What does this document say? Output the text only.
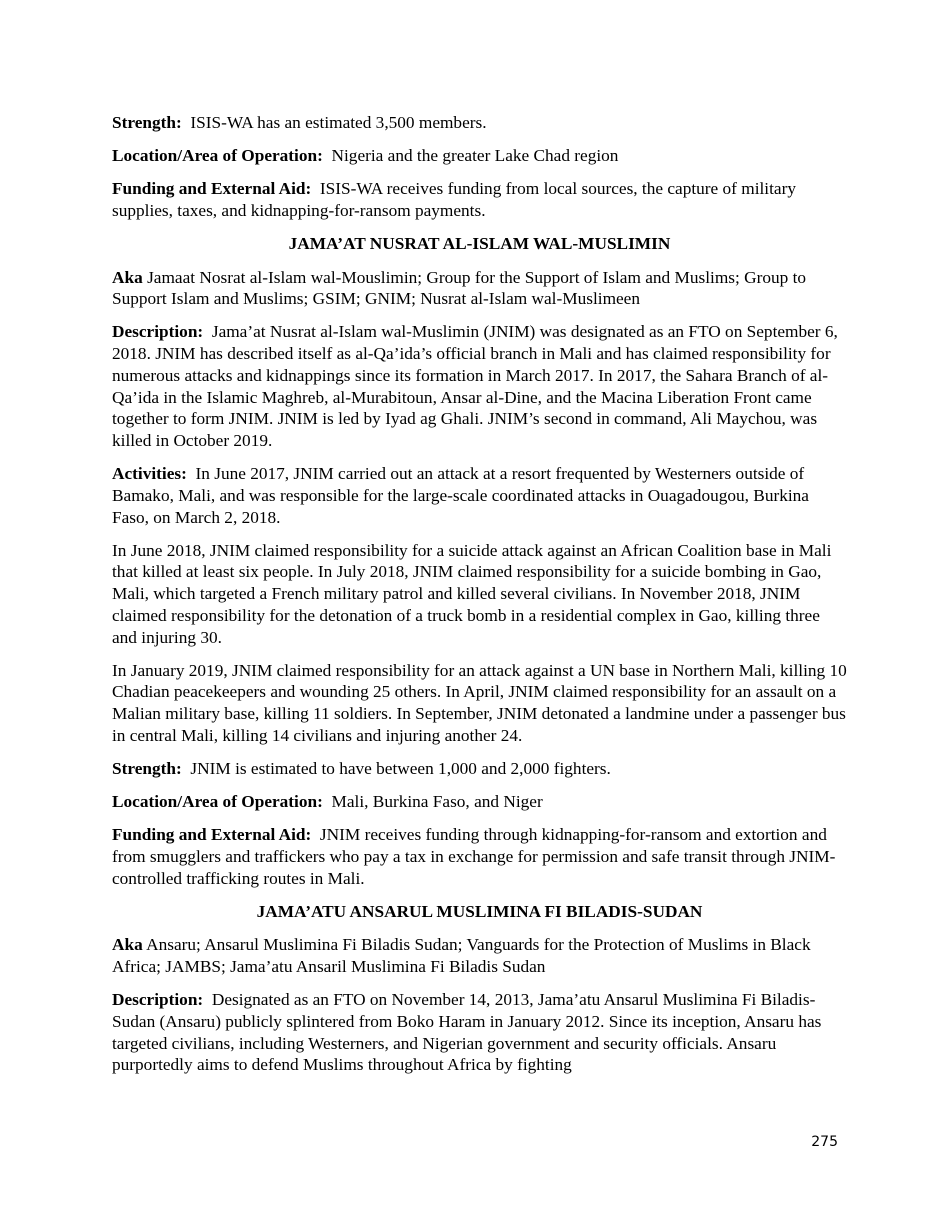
Strength: ISIS-WA has an estimated 3,500 members.

Location/Area of Operation: Nigeria and the greater Lake Chad region

Funding and External Aid: ISIS-WA receives funding from local sources, the capture of military supplies, taxes, and kidnapping-for-ransom payments.

JAMA’AT NUSRAT AL-ISLAM WAL-MUSLIMIN

Aka Jamaat Nosrat al-Islam wal-Mouslimin; Group for the Support of Islam and Muslims; Group to Support Islam and Muslims; GSIM; GNIM; Nusrat al-Islam wal-Muslimeen

Description: Jama’at Nusrat al-Islam wal-Muslimin (JNIM) was designated as an FTO on September 6, 2018. JNIM has described itself as al-Qa’ida’s official branch in Mali and has claimed responsibility for numerous attacks and kidnappings since its formation in March 2017. In 2017, the Sahara Branch of al-Qa’ida in the Islamic Maghreb, al-Murabitoun, Ansar al-Dine, and the Macina Liberation Front came together to form JNIM. JNIM is led by Iyad ag Ghali. JNIM’s second in command, Ali Maychou, was killed in October 2019.

Activities: In June 2017, JNIM carried out an attack at a resort frequented by Westerners outside of Bamako, Mali, and was responsible for the large-scale coordinated attacks in Ouagadougou, Burkina Faso, on March 2, 2018.

In June 2018, JNIM claimed responsibility for a suicide attack against an African Coalition base in Mali that killed at least six people. In July 2018, JNIM claimed responsibility for a suicide bombing in Gao, Mali, which targeted a French military patrol and killed several civilians. In November 2018, JNIM claimed responsibility for the detonation of a truck bomb in a residential complex in Gao, killing three and injuring 30.

In January 2019, JNIM claimed responsibility for an attack against a UN base in Northern Mali, killing 10 Chadian peacekeepers and wounding 25 others. In April, JNIM claimed responsibility for an assault on a Malian military base, killing 11 soldiers. In September, JNIM detonated a landmine under a passenger bus in central Mali, killing 14 civilians and injuring another 24.

Strength: JNIM is estimated to have between 1,000 and 2,000 fighters.

Location/Area of Operation: Mali, Burkina Faso, and Niger

Funding and External Aid: JNIM receives funding through kidnapping-for-ransom and extortion and from smugglers and traffickers who pay a tax in exchange for permission and safe transit through JNIM-controlled trafficking routes in Mali.

JAMA’ATU ANSARUL MUSLIMINA FI BILADIS-SUDAN

Aka Ansaru; Ansarul Muslimina Fi Biladis Sudan; Vanguards for the Protection of Muslims in Black Africa; JAMBS; Jama’atu Ansaril Muslimina Fi Biladis Sudan

Description: Designated as an FTO on November 14, 2013, Jama’atu Ansarul Muslimina Fi Biladis-Sudan (Ansaru) publicly splintered from Boko Haram in January 2012. Since its inception, Ansaru has targeted civilians, including Westerners, and Nigerian government and security officials. Ansaru purportedly aims to defend Muslims throughout Africa by fighting

275
